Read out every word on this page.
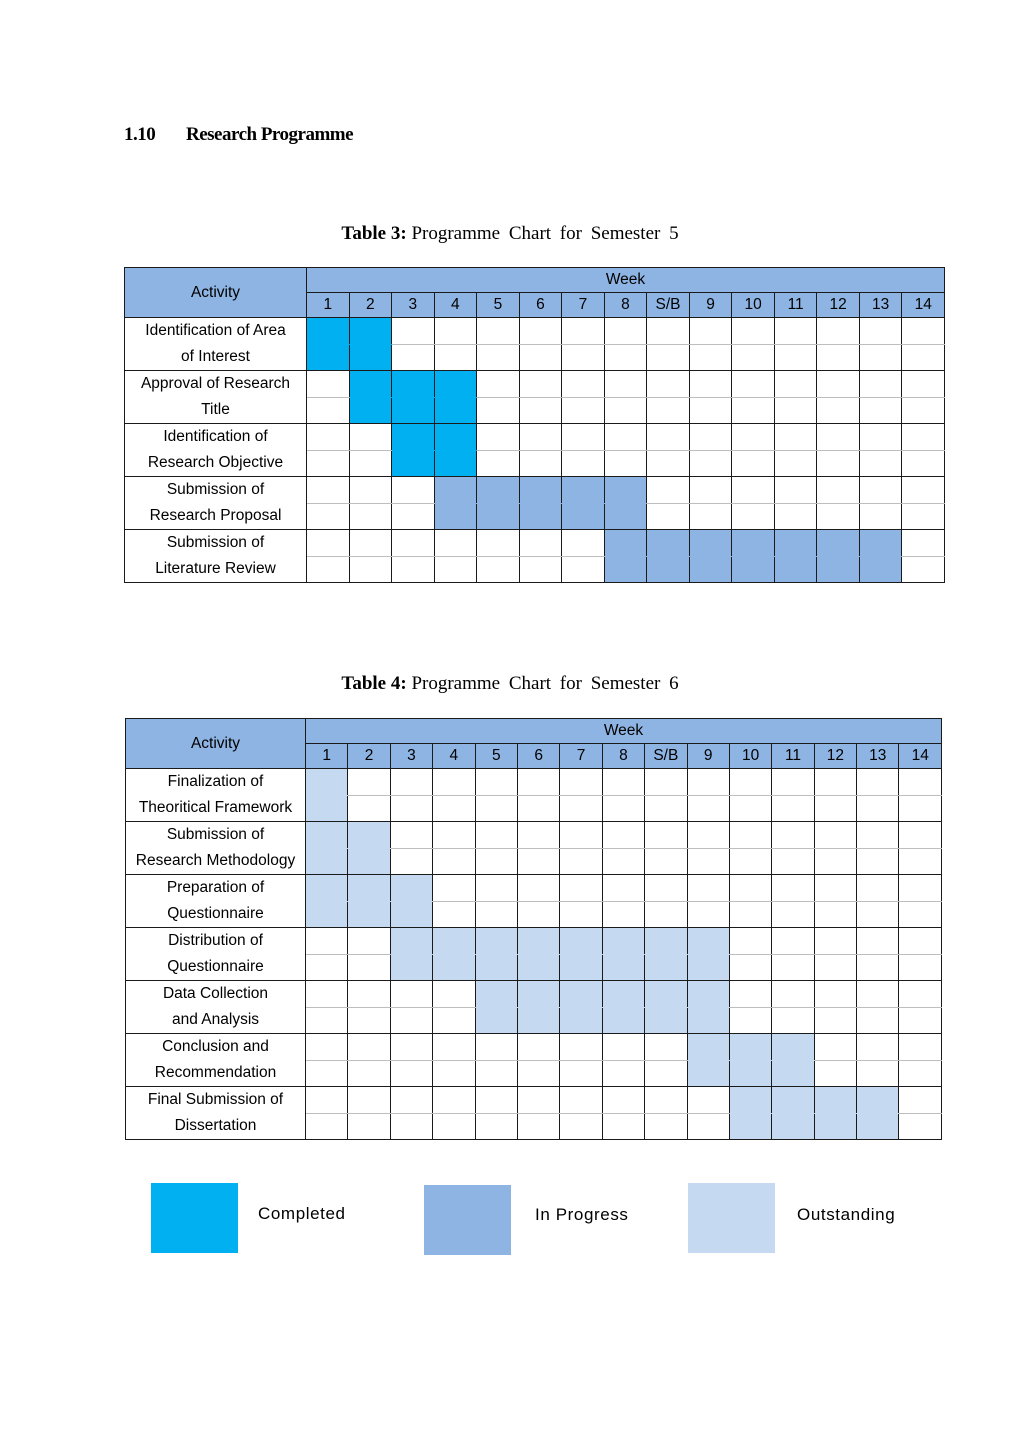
1.10 Research Programme
Table 3: Programme Chart for Semester 5
Activity	Week														
	1	2	3	4	5	6	7	8	S/B	9	10	11	12	13	14
Identification of Area
of Interest															

Approval of Research
Title															

Identification of
Research Objective															

Submission of
Research Proposal															

Submission of
Literature Review															

Table 4: Programme Chart for Semester 6
Activity	Week														
	1	2	3	4	5	6	7	8	S/B	9	10	11	12	13	14
Finalization of
Theoritical Framework															

Submission of
Research Methodology															

Preparation of
Questionnaire															

Distribution of
Questionnaire															

Data Collection
and Analysis															

Conclusion and
Recommendation															

Final Submission of
Dissertation															

Completed	In Progress	Outstanding
